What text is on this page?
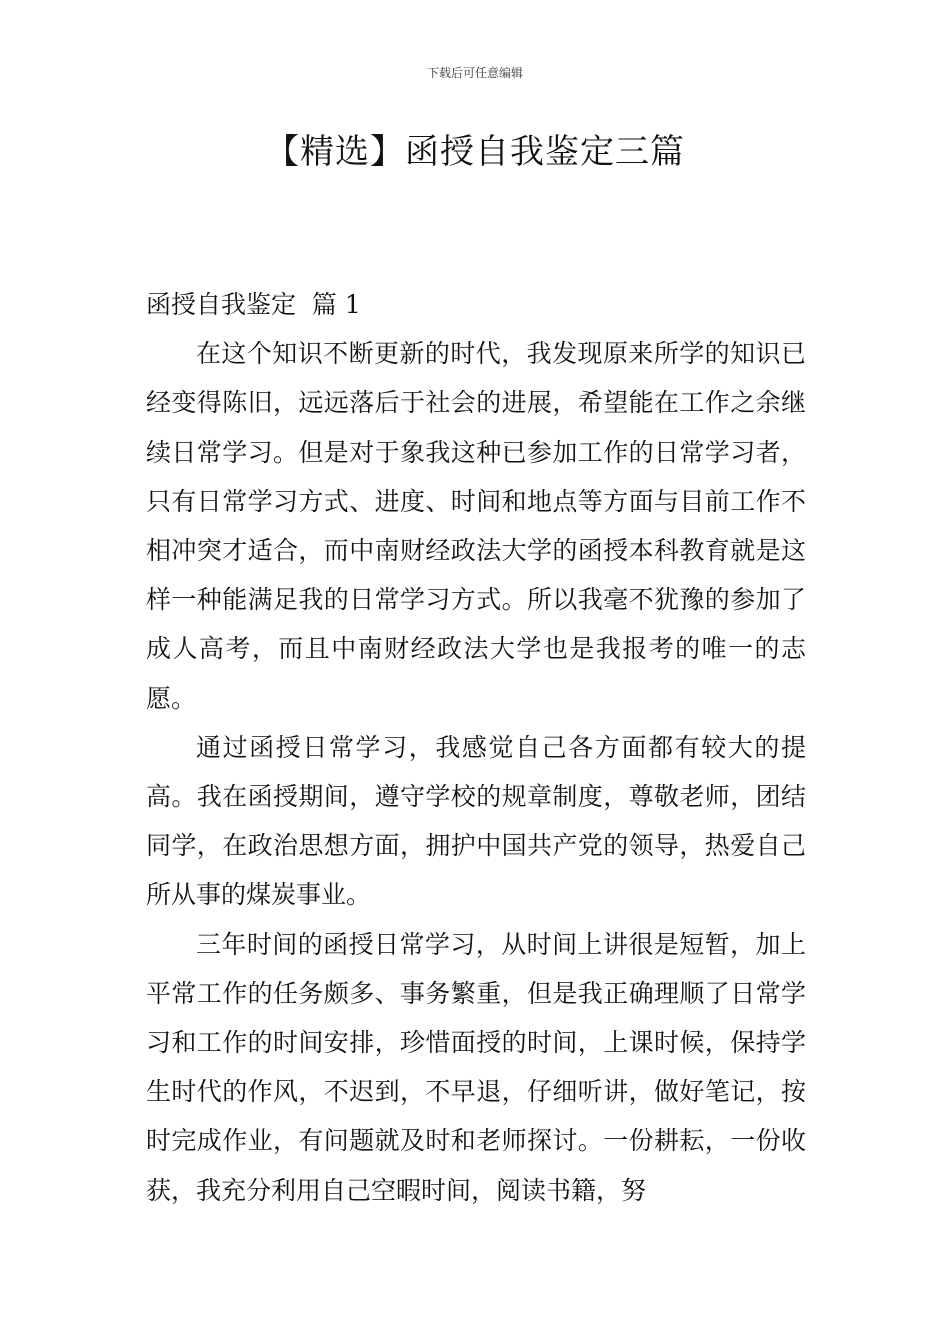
下载后可任意编辑
【精选】函授自我鉴定三篇

函授自我鉴定  篇 1

在这个知识不断更新的时代，我发现原来所学的知识已经变得陈旧，远远落后于社会的进展，希望能在工作之余继续日常学习。但是对于象我这种已参加工作的日常学习者，只有日常学习方式、进度、时间和地点等方面与目前工作不相冲突才适合，而中南财经政法大学的函授本科教育就是这样一种能满足我的日常学习方式。所以我毫不犹豫的参加了成人高考，而且中南财经政法大学也是我报考的唯一的志愿。

通过函授日常学习，我感觉自己各方面都有较大的提高。我在函授期间，遵守学校的规章制度，尊敬老师，团结同学，在政治思想方面，拥护中国共产党的领导，热爱自己所从事的煤炭事业。

三年时间的函授日常学习，从时间上讲很是短暂，加上平常工作的任务颇多、事务繁重，但是我正确理顺了日常学习和工作的时间安排，珍惜面授的时间，上课时候，保持学生时代的作风，不迟到，不早退，仔细听讲，做好笔记，按时完成作业，有问题就及时和老师探讨。一份耕耘，一份收获，我充分利用自己空暇时间，阅读书籍，努
